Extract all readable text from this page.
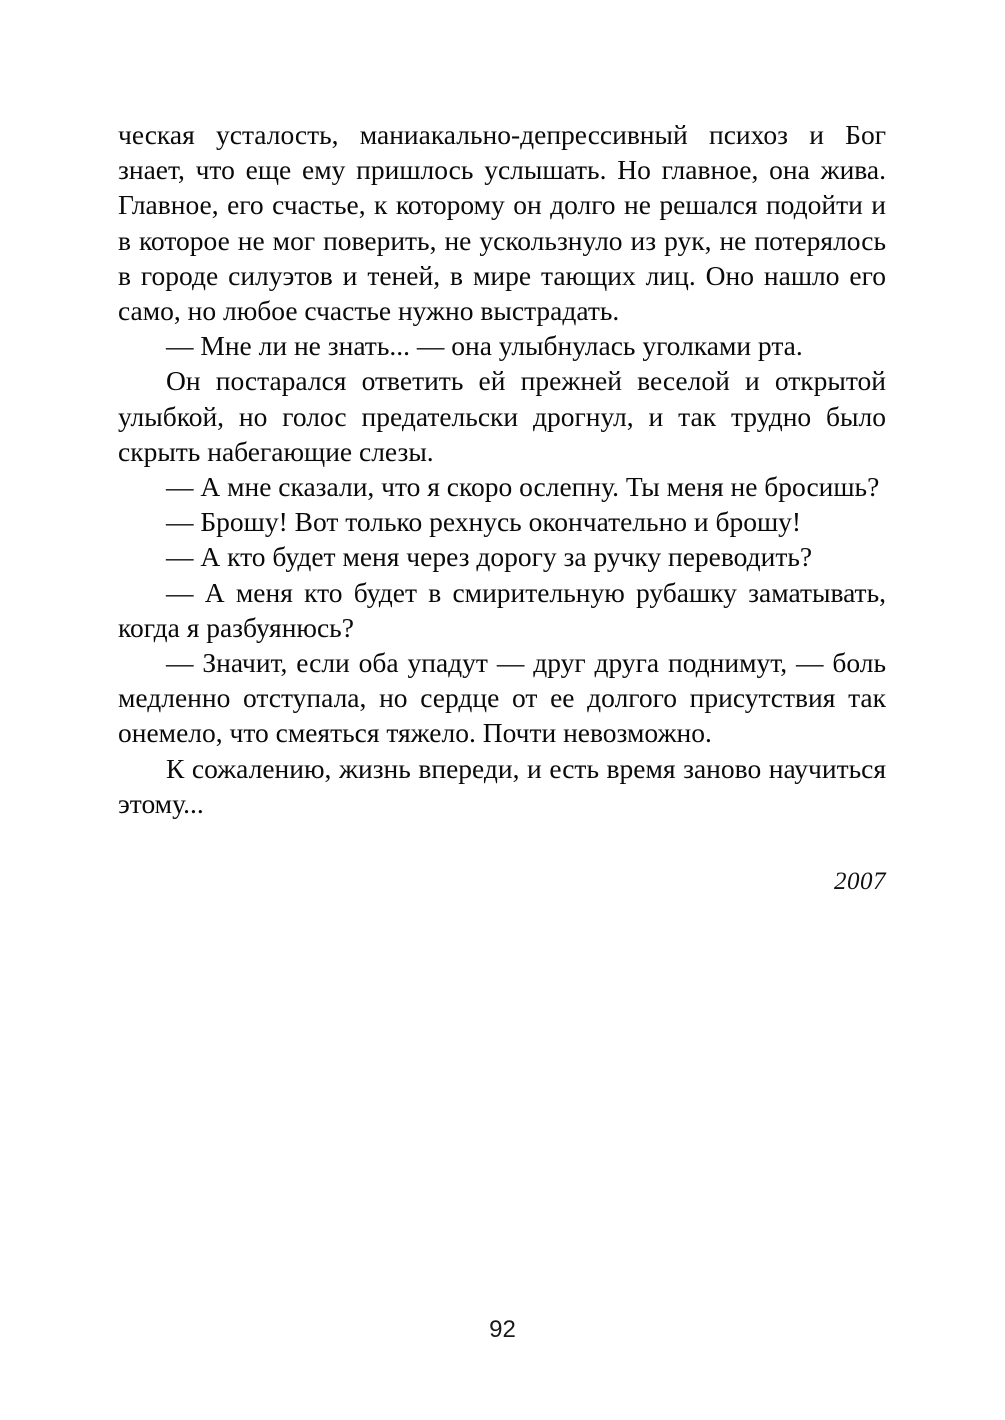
ческая усталость, маниакально-депрессивный психоз и Бог знает, что еще ему пришлось услышать. Но главное, она жива. Главное, его счастье, к которому он долго не решался подойти и в которое не мог поверить, не ускользнуло из рук, не потерялось в городе силуэтов и теней, в мире тающих лиц. Оно нашло его само, но любое счастье нужно выстрадать.

— Мне ли не знать... — она улыбнулась уголками рта.

Он постарался ответить ей прежней веселой и открытой улыбкой, но голос предательски дрогнул, и так трудно было скрыть набегающие слезы.

— А мне сказали, что я скоро ослепну. Ты меня не бросишь?

— Брошу! Вот только рехнусь окончательно и брошу!

— А кто будет меня через дорогу за ручку переводить?

— А меня кто будет в смирительную рубашку заматывать, когда я разбуянюсь?

— Значит, если оба упадут — друг друга поднимут, — боль медленно отступала, но сердце от ее долгого присутствия так онемело, что смеяться тяжело. Почти невозможно.

К сожалению, жизнь впереди, и есть время заново научиться этому...

2007
92
